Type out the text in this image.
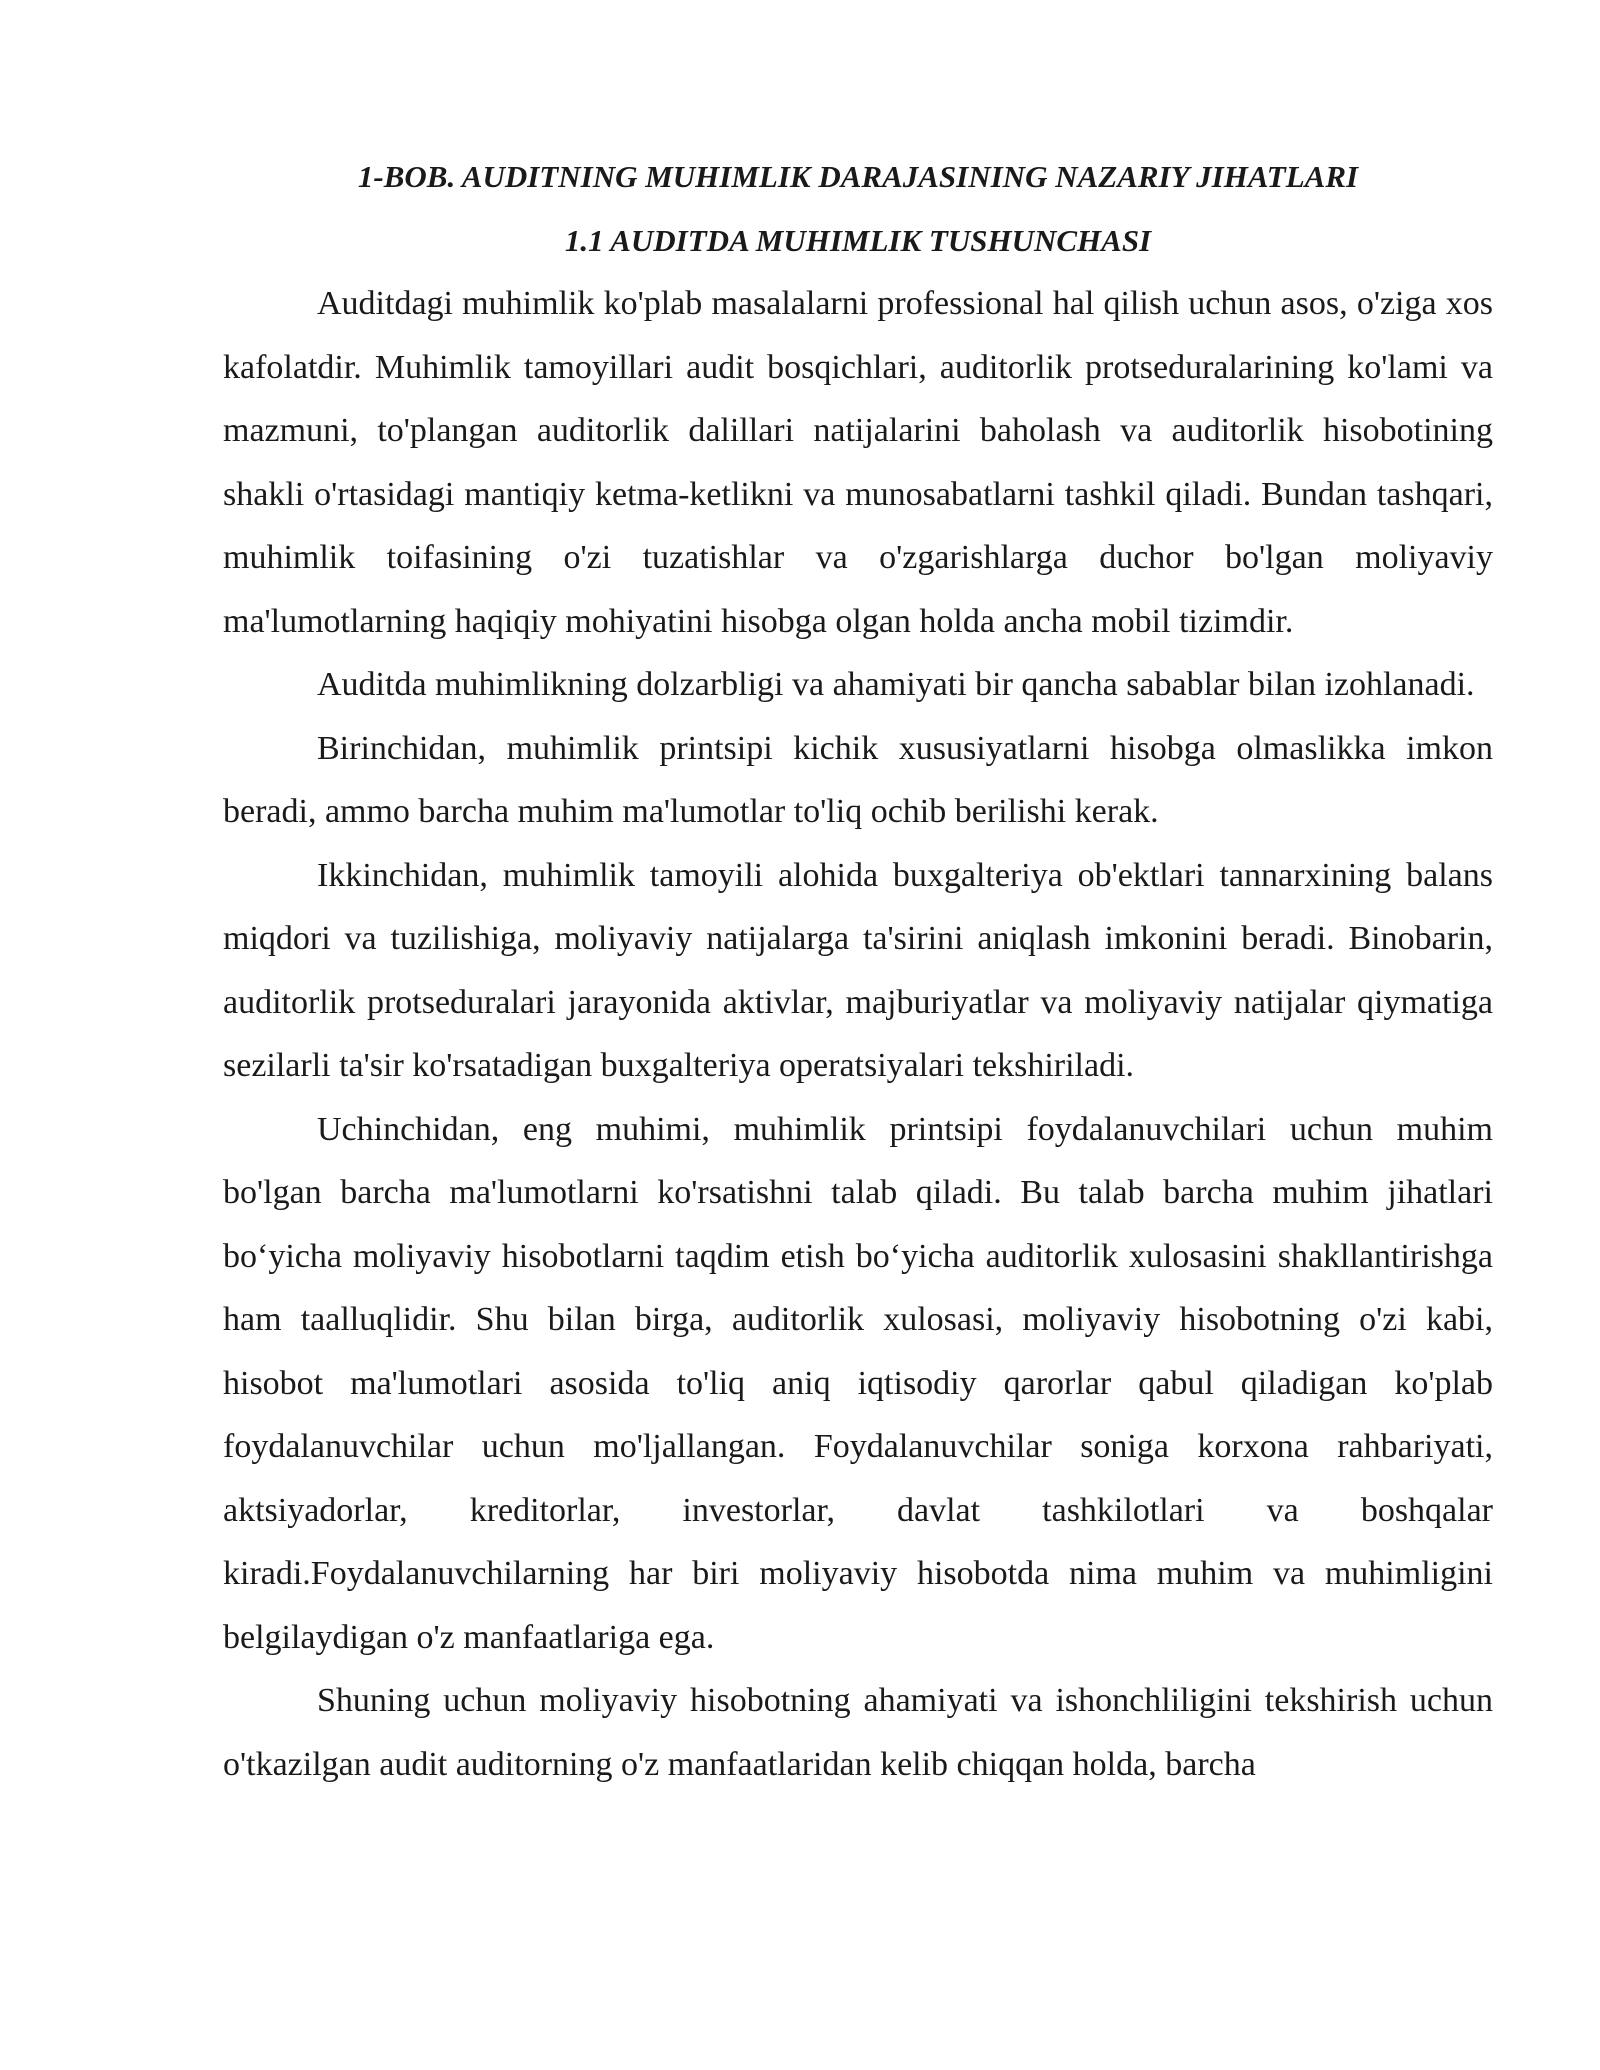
1-BOB. AUDITNING MUHIMLIK DARAJASINING NAZARIY JIHATLARI

1.1 AUDITDA MUHIMLIK TUSHUNCHASI

Auditdagi muhimlik ko'plab masalalarni professional hal qilish uchun asos, o'ziga xos kafolatdir. Muhimlik tamoyillari audit bosqichlari, auditorlik protseduralarining ko'lami va mazmuni, to'plangan auditorlik dalillari natijalarini baholash va auditorlik hisobotining shakli o'rtasidagi mantiqiy ketma-ketlikni va munosabatlarni tashkil qiladi. Bundan tashqari, muhimlik toifasining o'zi tuzatishlar va o'zgarishlarga duchor bo'lgan moliyaviy ma'lumotlarning haqiqiy mohiyatini hisobga olgan holda ancha mobil tizimdir.

Auditda muhimlikning dolzarbligi va ahamiyati bir qancha sabablar bilan izohlanadi.

Birinchidan, muhimlik printsipi kichik xususiyatlarni hisobga olmaslikka imkon beradi, ammo barcha muhim ma'lumotlar to'liq ochib berilishi kerak.

Ikkinchidan, muhimlik tamoyili alohida buxgalteriya ob'ektlari tannarxining balans miqdori va tuzilishiga, moliyaviy natijalarga ta'sirini aniqlash imkonini beradi. Binobarin, auditorlik protseduralari jarayonida aktivlar, majburiyatlar va moliyaviy natijalar qiymatiga sezilarli ta'sir ko'rsatadigan buxgalteriya operatsiyalari tekshiriladi.

Uchinchidan, eng muhimi, muhimlik printsipi foydalanuvchilari uchun muhim bo'lgan barcha ma'lumotlarni ko'rsatishni talab qiladi. Bu talab barcha muhim jihatlari bo‘yicha moliyaviy hisobotlarni taqdim etish bo‘yicha auditorlik xulosasini shakllantirishga ham taalluqlidir. Shu bilan birga, auditorlik xulosasi, moliyaviy hisobotning o'zi kabi, hisobot ma'lumotlari asosida to'liq aniq iqtisodiy qarorlar qabul qiladigan ko'plab foydalanuvchilar uchun mo'ljallangan. Foydalanuvchilar soniga korxona rahbariyati, aktsiyadorlar, kreditorlar, investorlar, davlat tashkilotlari va boshqalar kiradi.Foydalanuvchilarning har biri moliyaviy hisobotda nima muhim va muhimligini belgilaydigan o'z manfaatlariga ega.

Shuning uchun moliyaviy hisobotning ahamiyati va ishonchliligini tekshirish uchun o'tkazilgan audit auditorning o'z manfaatlaridan kelib chiqqan holda, barcha
